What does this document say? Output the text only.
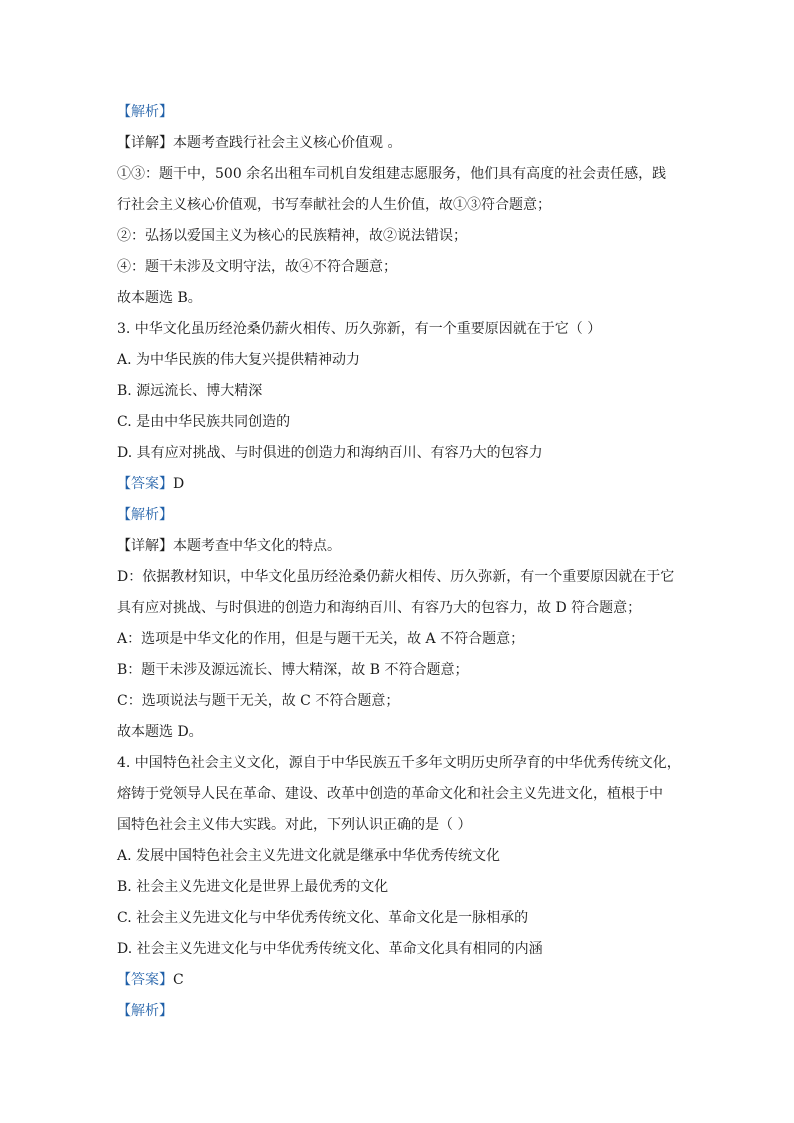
【解析】
【详解】本题考查践行社会主义核心价值观 。
①③：题干中，500 余名出租车司机自发组建志愿服务，他们具有高度的社会责任感，践
行社会主义核心价值观，书写奉献社会的人生价值，故①③符合题意；
②：弘扬以爱国主义为核心的民族精神，故②说法错误；
④：题干未涉及文明守法，故④不符合题意；
故本题选 B。
3. 中华文化虽历经沧桑仍薪火相传、历久弥新，有一个重要原因就在于它（ ）
A. 为中华民族的伟大复兴提供精神动力
B. 源远流长、博大精深
C. 是由中华民族共同创造的
D. 具有应对挑战、与时俱进的创造力和海纳百川、有容乃大的包容力
【答案】D
【解析】
【详解】本题考查中华文化的特点。
D：依据教材知识，中华文化虽历经沧桑仍薪火相传、历久弥新，有一个重要原因就在于它
具有应对挑战、与时俱进的创造力和海纳百川、有容乃大的包容力，故 D 符合题意；
A：选项是中华文化的作用，但是与题干无关，故 A 不符合题意；
B：题干未涉及源远流长、博大精深，故 B 不符合题意；
C：选项说法与题干无关，故 C 不符合题意；
故本题选 D。
4. 中国特色社会主义文化，源自于中华民族五千多年文明历史所孕育的中华优秀传统文化，
熔铸于党领导人民在革命、建设、改革中创造的革命文化和社会主义先进文化，植根于中
国特色社会主义伟大实践。对此，下列认识正确的是（ ）
A. 发展中国特色社会主义先进文化就是继承中华优秀传统文化
B. 社会主义先进文化是世界上最优秀的文化
C. 社会主义先进文化与中华优秀传统文化、革命文化是一脉相承的
D. 社会主义先进文化与中华优秀传统文化、革命文化具有相同的内涵
【答案】C
【解析】
